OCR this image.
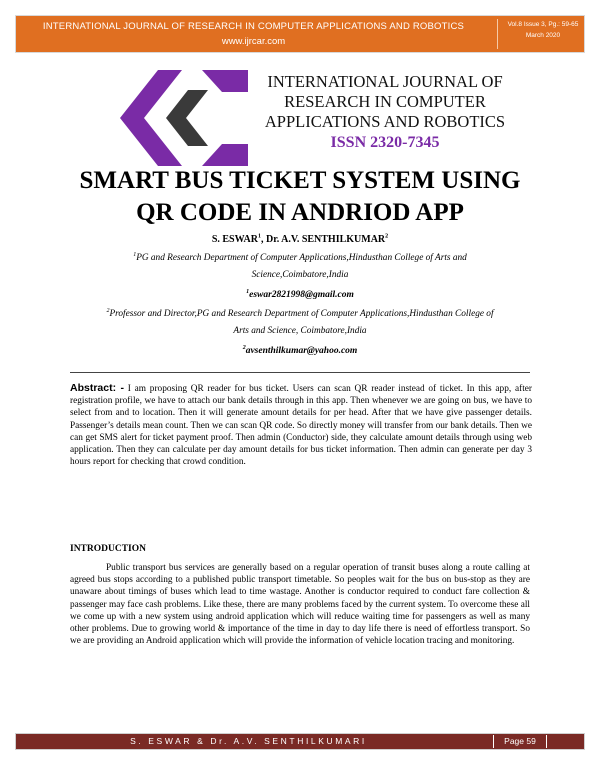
INTERNATIONAL JOURNAL OF RESEARCH IN COMPUTER APPLICATIONS AND ROBOTICS
www.ijrcar.com
Vol.8 Issue 3, Pg.: 59-65
March 2020
INTERNATIONAL JOURNAL OF
RESEARCH IN COMPUTER
APPLICATIONS AND ROBOTICS
ISSN 2320-7345
SMART BUS TICKET SYSTEM USING
QR CODE IN ANDRIOD APP
S. ESWAR$^1$, Dr. A.V. SENTHILKUMAR$^2$
$^1$PG and Research Department of Computer Applications,Hindusthan College of Arts and
Science,Coimbatore,India
$^1$eswar2821998@gmail.com
$^2$Professor and Director,PG and Research Department of Computer Applications,Hindusthan College of
Arts and Science, Coimbatore,India
$^2$avsenthilkumar@yahoo.com
Abstract: - I am proposing QR reader for bus ticket. Users can scan QR reader instead of ticket. In this app, after registration profile, we have to attach our bank details through in this app. Then whenever we are going on bus, we have to select from and to location. Then it will generate amount details for per head. After that we have give passenger details. Passenger’s details mean count. Then we can scan QR code. So directly money will transfer from our bank details. Then we can get SMS alert for ticket payment proof. Then admin (Conductor) side, they calculate amount details through using web application. Then they can calculate per day amount details for bus ticket information. Then admin can generate per day 3 hours report for checking that crowd condition.
INTRODUCTION
Public transport bus services are generally based on a regular operation of transit buses along a route calling at agreed bus stops according to a published public transport timetable. So peoples wait for the bus on bus-stop as they are unaware about timings of buses which lead to time wastage. Another is conductor required to conduct fare collection & passenger may face cash problems. Like these, there are many problems faced by the current system. To overcome these all we come up with a new system using android application which will reduce waiting time for passengers as well as many other problems. Due to growing world & importance of the time in day to day life there is need of effortless transport. So we are providing an Android application which will provide the information of vehicle location tracing and monitoring.
S. ESWAR & Dr. A.V. SENTHILKUMARI	Page 59
